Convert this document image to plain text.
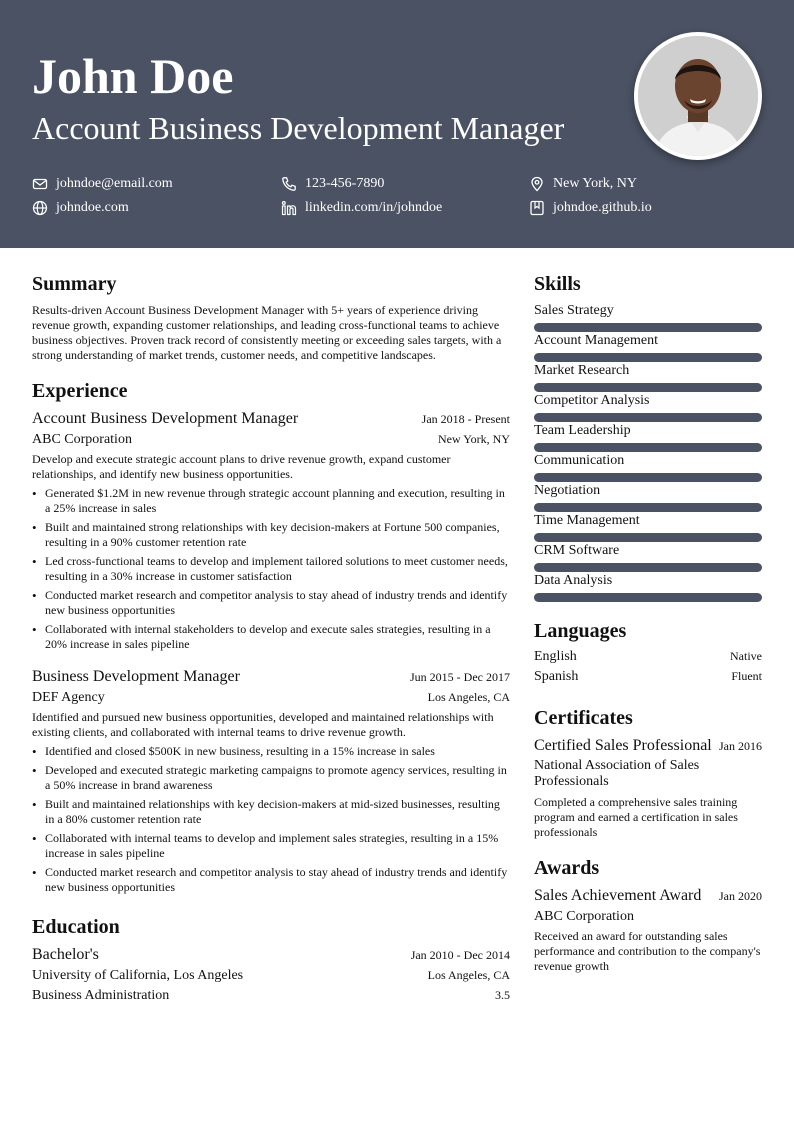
John Doe
Account Business Development Manager
johndoe@email.com	123-456-7890	New York, NY
johndoe.com	linkedin.com/in/johndoe	johndoe.github.io
Summary
Results-driven Account Business Development Manager with 5+ years of experience driving revenue growth, expanding customer relationships, and leading cross-functional teams to achieve business objectives. Proven track record of consistently meeting or exceeding sales targets, with a strong understanding of market trends, customer needs, and competitive landscapes.
Experience
Account Business Development Manager	Jan 2018 - Present
ABC Corporation	New York, NY
Develop and execute strategic account plans to drive revenue growth, expand customer relationships, and identify new business opportunities.
• Generated $1.2M in new revenue through strategic account planning and execution, resulting in a 25% increase in sales
• Built and maintained strong relationships with key decision-makers at Fortune 500 companies, resulting in a 90% customer retention rate
• Led cross-functional teams to develop and implement tailored solutions to meet customer needs, resulting in a 30% increase in customer satisfaction
• Conducted market research and competitor analysis to stay ahead of industry trends and identify new business opportunities
• Collaborated with internal stakeholders to develop and execute sales strategies, resulting in a 20% increase in sales pipeline
Business Development Manager	Jun 2015 - Dec 2017
DEF Agency	Los Angeles, CA
Identified and pursued new business opportunities, developed and maintained relationships with existing clients, and collaborated with internal teams to drive revenue growth.
• Identified and closed $500K in new business, resulting in a 15% increase in sales
• Developed and executed strategic marketing campaigns to promote agency services, resulting in a 50% increase in brand awareness
• Built and maintained relationships with key decision-makers at mid-sized businesses, resulting in a 80% customer retention rate
• Collaborated with internal teams to develop and implement sales strategies, resulting in a 15% increase in sales pipeline
• Conducted market research and competitor analysis to stay ahead of industry trends and identify new business opportunities
Education
Bachelor's	Jan 2010 - Dec 2014
University of California, Los Angeles	Los Angeles, CA
Business Administration	3.5
Skills
Sales Strategy
Account Management
Market Research
Competitor Analysis
Team Leadership
Communication
Negotiation
Time Management
CRM Software
Data Analysis
Languages
English	Native
Spanish	Fluent
Certificates
Certified Sales Professional Jan 2016
National Association of Sales Professionals
Completed a comprehensive sales training program and earned a certification in sales professionals
Awards
Sales Achievement Award Jan 2020
ABC Corporation
Received an award for outstanding sales performance and contribution to the company's revenue growth
